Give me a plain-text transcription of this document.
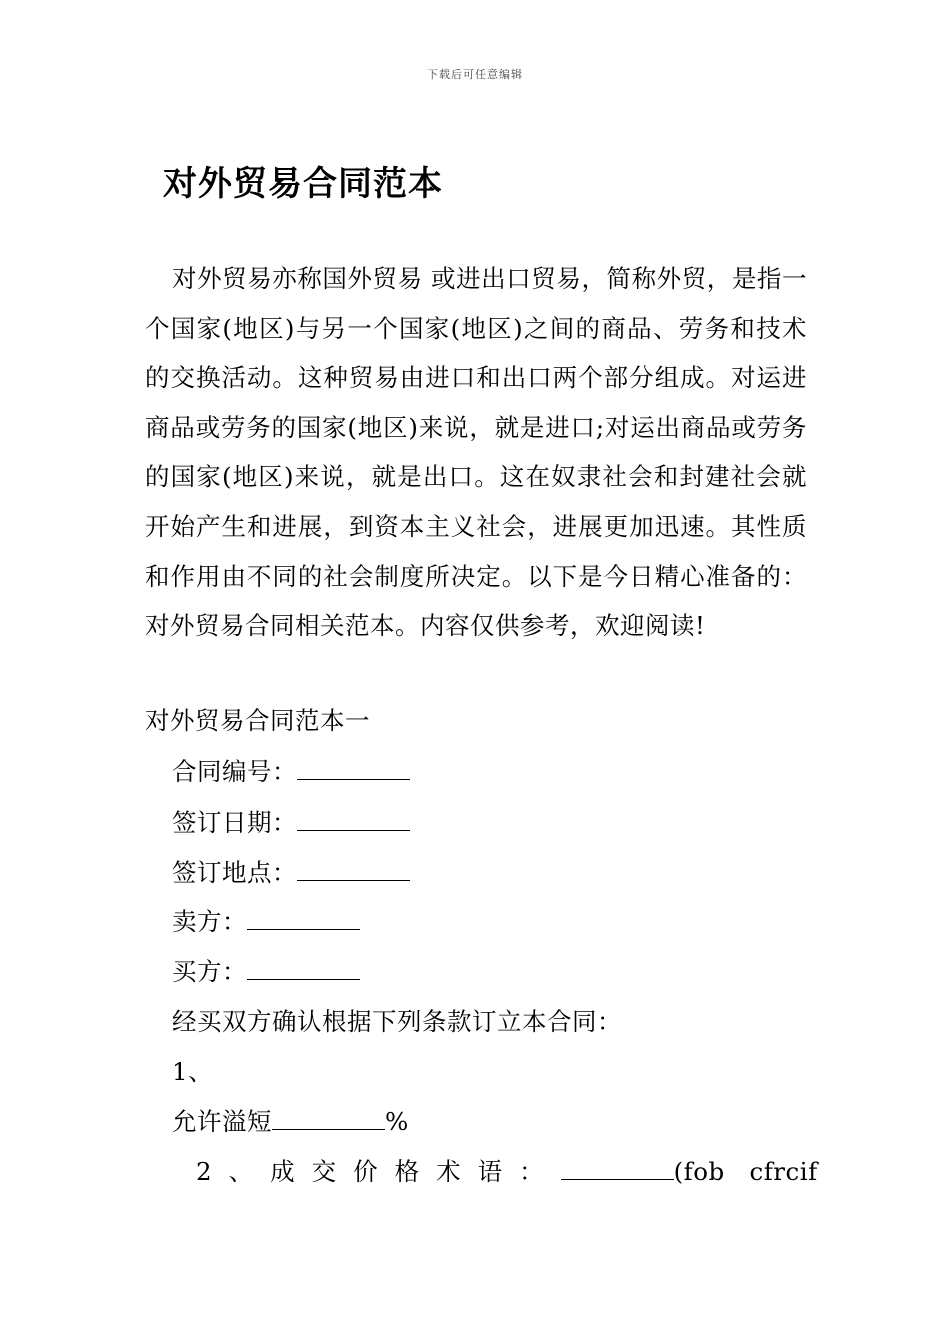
下载后可任意编辑
对外贸易合同范本

对外贸易亦称国外贸易 或进出口贸易，简称外贸，是指一个国家(地区)与另一个国家(地区)之间的商品、劳务和技术的交换活动。这种贸易由进口和出口两个部分组成。对运进商品或劳务的国家(地区)来说，就是进口;对运出商品或劳务的国家(地区)来说，就是出口。这在奴隶社会和封建社会就开始产生和进展，到资本主义社会，进展更加迅速。其性质和作用由不同的社会制度所决定。以下是今日精心准备的：对外贸易合同相关范本。内容仅供参考，欢迎阅读!

对外贸易合同范本一
合同编号：
签订日期：
签订地点：
卖方：
买方：
经买双方确认根据下列条款订立本合同：
1、
允许溢短	%
2、成交价格术语：	(fob   cfrcif
